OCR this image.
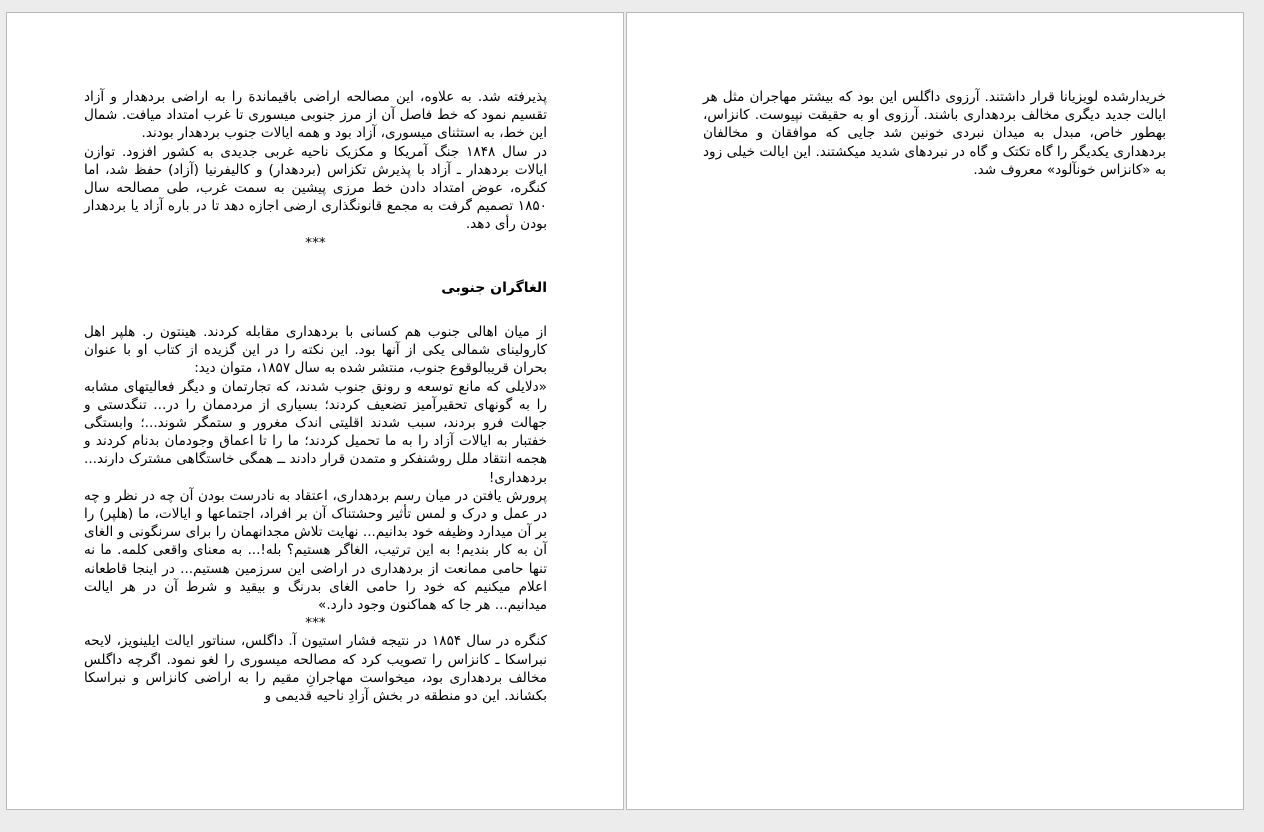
پذیرفته شد. به علاوه، این مصالحه اراضی باقیماندهَ را به اراضی بردهدار و آزاد تقسیم نمود که خط فاصل آن از مرز جنوبی میسوری تا غرب امتداد میافت. شمال این خط، به استثنای میسوری، آزاد بود و همه ایالات جنوب بردهدار بودند.

در سال ۱۸۴۸ جنگ آمریکا و مکزیک ناحیه غربی جدیدی به کشور افزود. توازن ایالات بردهدار ـ آزاد با پذیرش تکزاس (بردهدار) و کالیفرنیا (آزاد) حفظ شد، اما کنگره، عوض امتداد دادن خط مرزی پیشین به سمت غرب، طی مصالحه سال ۱۸۵۰ تصمیم گرفت به مجمع قانونگذاری ارضی اجازه دهد تا در باره آزاد یا بردهدار بودن رأی دهد.

***

الغاگران جنوبی

از میان اهالی جنوب هم کسانی با بردهداری مقابله کردند. هینتون ر. هلپر اهل کارولینای شمالی یکی از آنها بود. این نکته را در این گزیده از کتاب او با عنوان بحران قریبالوقوع جنوب، منتشر شده به سال ۱۸۵۷، متوان دید:

«دلایلی که مانع توسعه و رونق جنوب شدند، که تجارتمان و دیگر فعالیتهای مشابه را به گونهای تحقیرآمیز تضعیف کردند؛ بسیاری از مردممان را در... تنگدستی و جهالت فرو بردند، سبب شدند اقلیتی اندک مغرور و ستمگر شوند...؛ وابستگی خفتبار به ایالات آزاد را به ما تحمیل کردند؛ ما را تا اعماق وجودمان بدنام کردند و هجمه انتقاد ملل روشنفکر و متمدن قرار دادند ــ همگی خاستگاهی مشترک دارند... بردهداری!

پرورش یافتن در میان رسم بردهداری، اعتقاد به نادرست بودن آن چه در نظر و چه در عمل و درک و لمس تأثیر وحشتناک آن بر افراد، اجتماعها و ایالات، ما (هلپر) را بر آن میدارد وظیفه خود بدانیم... نهایت تلاش مجدانهمان را برای سرنگونی و الغای آن به کار بندیم! به این ترتیب، الغاگر هستیم؟ بله!... به معنای واقعی کلمه. ما نه تنها حامی ممانعت از بردهداری در اراضی این سرزمین هستیم... در اینجا قاطعانه اعلام میکنیم که خود را حامی الغای بدرنگ و بیقید و شرط آن در هر ایالت میدانیم... هر جا که هماکنون وجود دارد.»

***

کنگره در سال ۱۸۵۴ در نتیجه فشار استیون آ. داگلس، سناتور ایالت ایلینویز، لایحه نبراسکا ـ کانزاس را تصویب کرد که مصالحه میسوری را لغو نمود. اگرچه داگلس مخالف بردهداری بود، میخواست مهاجرانِ مقیم را به اراضی کانزاس و نبراسکا بکشاند. این دو منطقه در بخش آزادِ ناحیه قدیمی و

خریدارشده لویزیانا قرار داشتند. آرزوی داگلس این بود که بیشتر مهاجران مثل هر ایالت جدید دیگری مخالف بردهداری باشند. آرزوی او به حقیقت نپیوست. کانزاس، بهطور خاص، مبدل به میدان نبردی خونین شد جایی که موافقان و مخالفان بردهداری یکدیگر را گاه تکتک و گاه در نبردهای شدید میکشتند. این ایالت خیلی زود به «کانزاس خونآلود» معروف شد.
